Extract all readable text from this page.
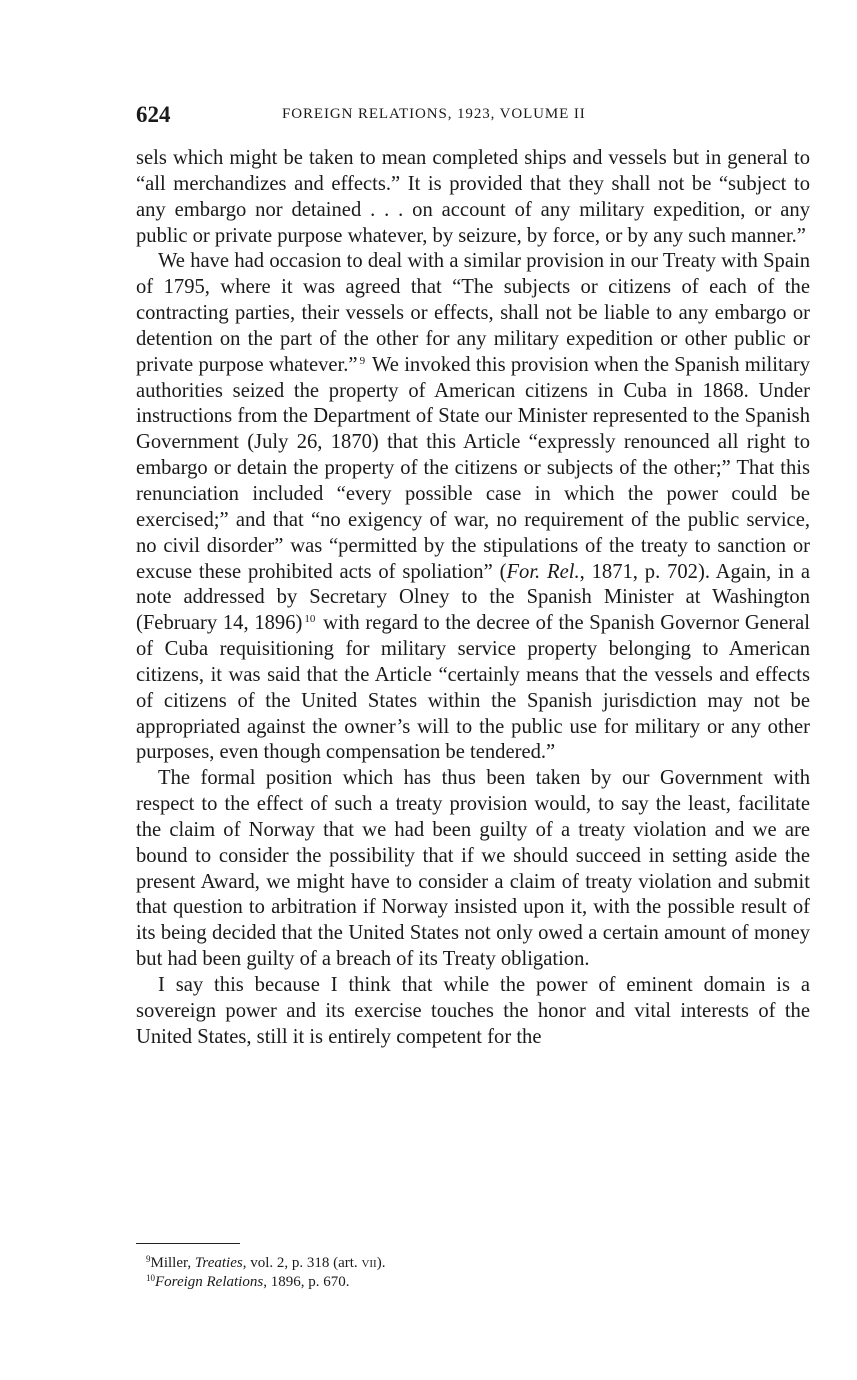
624	FOREIGN RELATIONS, 1923, VOLUME II

sels which might be taken to mean completed ships and vessels but in general to “all merchandizes and effects.” It is provided that they shall not be “subject to any embargo nor detained . . . on account of any military expedition, or any public or private purpose whatever, by seizure, by force, or by any such manner.”

We have had occasion to deal with a similar provision in our Treaty with Spain of 1795, where it was agreed that “The subjects or citizens of each of the contracting parties, their vessels or effects, shall not be liable to any embargo or detention on the part of the other for any military expedition or other public or private purpose whatever.” $^9$ We invoked this provision when the Spanish military authorities seized the property of American citizens in Cuba in 1868. Under instructions from the Department of State our Minister represented to the Spanish Government (July 26, 1870) that this Article “expressly renounced all right to embargo or detain the property of the citizens or subjects of the other;” That this renunciation included “every possible case in which the power could be exercised;” and that “no exigency of war, no requirement of the public service, no civil disorder” was “permitted by the stipulations of the treaty to sanction or excuse these prohibited acts of spoliation” (For. Rel., 1871, p. 702). Again, in a note addressed by Secretary Olney to the Spanish Minister at Washington (February 14, 1896) $^{10}$ with regard to the decree of the Spanish Governor General of Cuba requisitioning for military service property belonging to American citizens, it was said that the Article “certainly means that the vessels and effects of citizens of the United States within the Spanish jurisdiction may not be appropriated against the owner’s will to the public use for military or any other purposes, even though compensation be tendered.”

The formal position which has thus been taken by our Government with respect to the effect of such a treaty provision would, to say the least, facilitate the claim of Norway that we had been guilty of a treaty violation and we are bound to consider the possibility that if we should succeed in setting aside the present Award, we might have to consider a claim of treaty violation and submit that question to arbitration if Norway insisted upon it, with the possible result of its being decided that the United States not only owed a certain amount of money but had been guilty of a breach of its Treaty obligation.

I say this because I think that while the power of eminent domain is a sovereign power and its exercise touches the honor and vital interests of the United States, still it is entirely competent for the

$^9$Miller, Treaties, vol. 2, p. 318 (art. vii).
$^{10}$Foreign Relations, 1896, p. 670.
